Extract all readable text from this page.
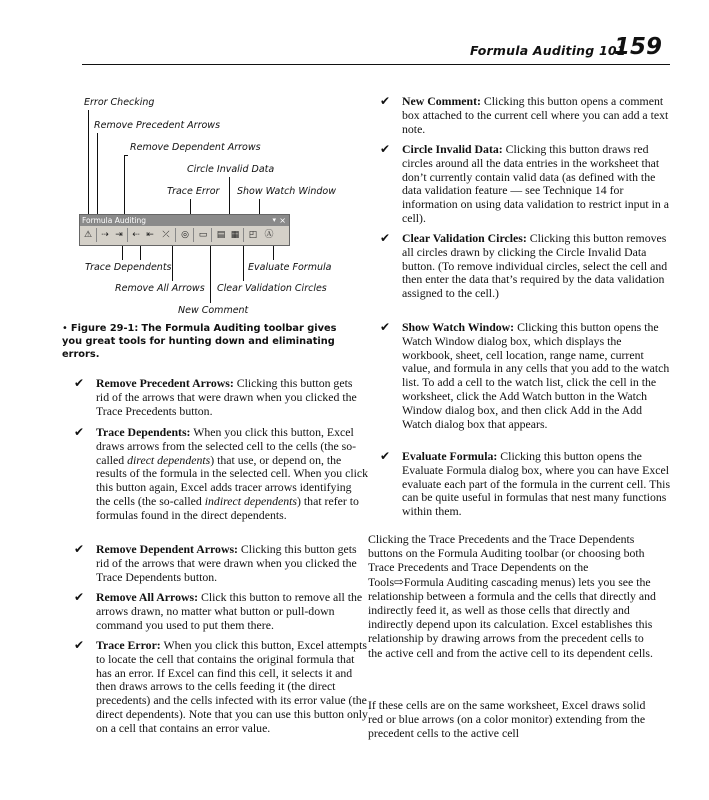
Formula Auditing 101
159
Error Checking
Remove Precedent Arrows
Remove Dependent Arrows
Circle Invalid Data
Trace Error Show Watch Window
Trace Dependents	Evaluate Formula
Remove All Arrows Clear Validation Circles
New Comment
Formula Auditing	▾ ×
⚠ ⇢ ⇥ ⇠ ⇤ ⤫ ◎ ▭ ▤ ▦ ◰ Ⓐ
• Figure 29-1: The Formula Auditing toolbar gives you great tools for hunting down and eliminating errors.
✔ Remove Precedent Arrows: Clicking this button gets rid of the arrows that were drawn when you clicked the Trace Precedents button.
✔ Trace Dependents: When you click this button, Excel draws arrows from the selected cell to the cells (the so-called direct dependents) that use, or depend on, the results of the formula in the selected cell. When you click this button again, Excel adds tracer arrows identifying the cells (the so-called indirect dependents) that refer to formulas found in the direct dependents.
✔ Remove Dependent Arrows: Clicking this button gets rid of the arrows that were drawn when you clicked the Trace Dependents button.
✔ Remove All Arrows: Click this button to remove all the arrows drawn, no matter what button or pull-down command you used to put them there.
✔ Trace Error: When you click this button, Excel attempts to locate the cell that contains the original formula that has an error. If Excel can find this cell, it selects it and then draws arrows to the cells feeding it (the direct precedents) and the cells infected with its error value (the direct dependents). Note that you can use this button only on a cell that contains an error value.
✔ New Comment: Clicking this button opens a comment box attached to the current cell where you can add a text note.
✔ Circle Invalid Data: Clicking this button draws red circles around all the data entries in the worksheet that don’t currently contain valid data (as defined with the data validation feature — see Technique 14 for information on using data validation to restrict input in a cell).
✔ Clear Validation Circles: Clicking this button removes all circles drawn by clicking the Circle Invalid Data button. (To remove individual circles, select the cell and then enter the data that’s required by the data validation assigned to the cell.)
✔ Show Watch Window: Clicking this button opens the Watch Window dialog box, which displays the workbook, sheet, cell location, range name, current value, and formula in any cells that you add to the watch list. To add a cell to the watch list, click the cell in the worksheet, click the Add Watch button in the Watch Window dialog box, and then click Add in the Add Watch dialog box that appears.
✔ Evaluate Formula: Clicking this button opens the Evaluate Formula dialog box, where you can have Excel evaluate each part of the formula in the current cell. This can be quite useful in formulas that nest many functions within them.
Clicking the Trace Precedents and the Trace Dependents buttons on the Formula Auditing toolbar (or choosing both Trace Precedents and Trace Dependents on the Tools⇨Formula Auditing cascading menus) lets you see the relationship between a formula and the cells that directly and indirectly feed it, as well as those cells that directly and indirectly depend upon its calculation. Excel establishes this relationship by drawing arrows from the precedent cells to the active cell and from the active cell to its dependent cells.
If these cells are on the same worksheet, Excel draws solid red or blue arrows (on a color monitor) extending from the precedent cells to the active cell
